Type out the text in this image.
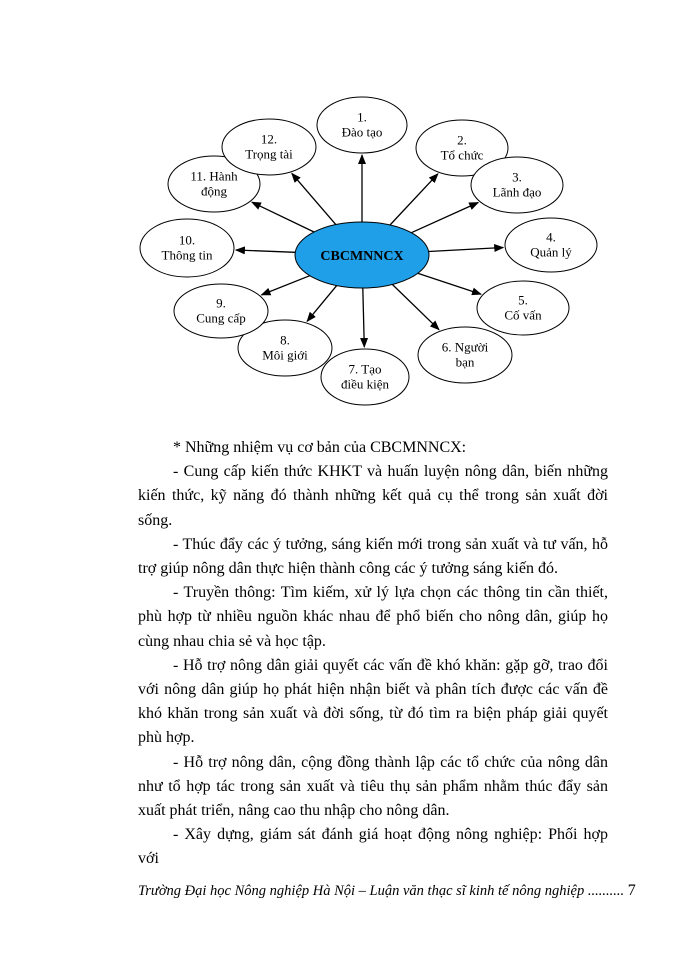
1.
Đào tạo
2.
Tổ chức
3.
Lãnh đạo
4.
Quản lý
5.
Cố vấn
6. Người
bạn
7. Tạo
điều kiện
8.
Môi giới
9.
Cung cấp
10.
Thông tin
11. Hành
động
12.
Trọng tài
CBCMNNCX

* Những nhiệm vụ cơ bản của CBCMNNCX:

- Cung cấp kiến thức KHKT và huấn luyện nông dân, biến những kiến thức, kỹ năng đó thành những kết quả cụ thể trong sản xuất đời sống.

- Thúc đẩy các ý tưởng, sáng kiến mới trong sản xuất và tư vấn, hỗ trợ giúp nông dân thực hiện thành công các ý tưởng sáng kiến đó.

- Truyền thông: Tìm kiếm, xử lý lựa chọn các thông tin cần thiết, phù hợp từ nhiều nguồn khác nhau để phổ biến cho nông dân, giúp họ cùng nhau chia sẻ và học tập.

- Hỗ trợ nông dân giải quyết các vấn đề khó khăn: gặp gỡ, trao đổi với nông dân giúp họ phát hiện nhận biết và phân tích được các vấn đề khó khăn trong sản xuất và đời sống, từ đó tìm ra biện pháp giải quyết phù hợp.

- Hỗ trợ nông dân, cộng đồng thành lập các tổ chức của nông dân như tổ hợp tác trong sản xuất và tiêu thụ sản phẩm nhằm thúc đẩy sản xuất phát triển, nâng cao thu nhập cho nông dân.

- Xây dựng, giám sát đánh giá hoạt động nông nghiệp: Phối hợp với

Trường Đại học Nông nghiệp Hà Nội – Luận văn thạc sĩ kinh tế nông nghiệp .......... 7
